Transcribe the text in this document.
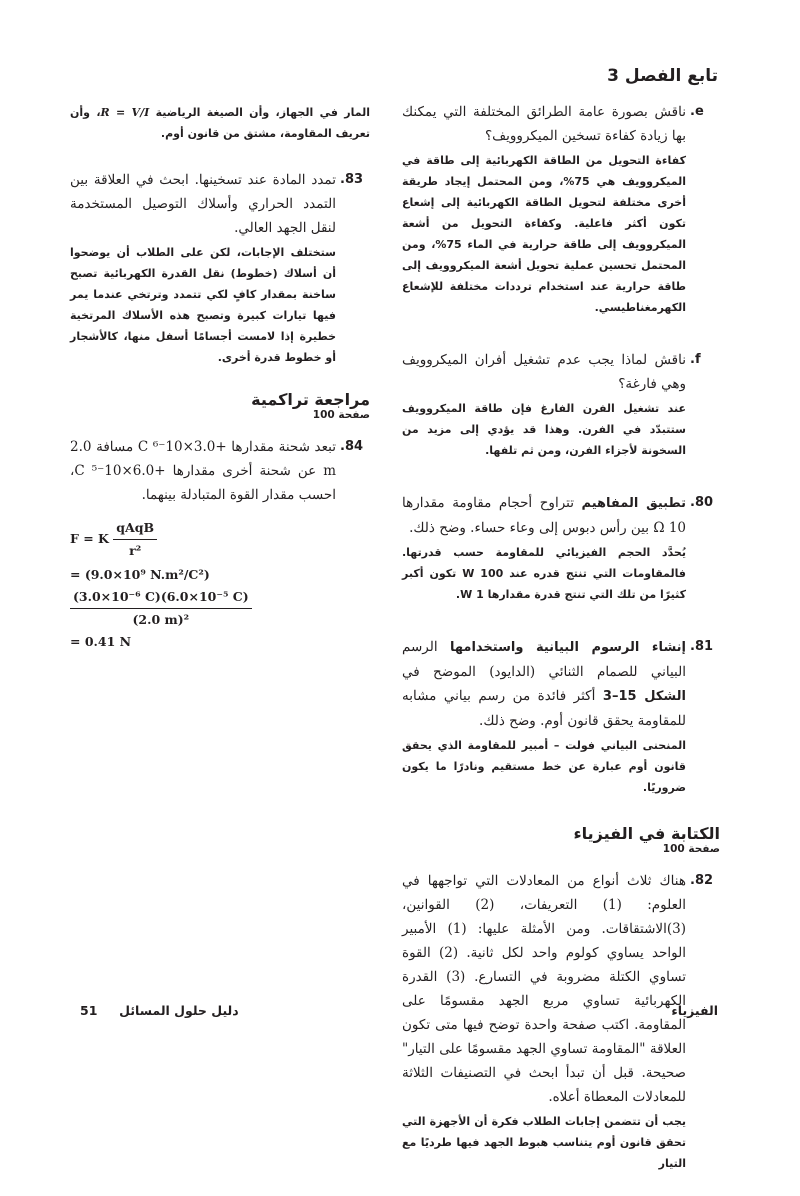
تابع الفصل 3
e.
ناقش بصورة عامة الطرائق المختلفة التي يمكنك بها زيادة كفاءة تسخين الميكروويف؟
كفاءة التحويل من الطاقة الكهربائية إلى طاقة في الميكروويف هي 75%، ومن المحتمل إيجاد طريقة أخرى مختلفة لتحويل الطاقة الكهربائية إلى إشعاع تكون أكثر فاعلية. وكفاءة التحويل من أشعة الميكروويف إلى طاقة حرارية في الماء 75%، ومن المحتمل تحسين عملية تحويل أشعة الميكروويف إلى طاقة حرارية عند استخدام ترددات مختلفة للإشعاع الكهرمغناطيسي.
f.
ناقش لماذا يجب عدم تشغيل أفران الميكروويف وهي فارغة؟
عند تشغيل الفرن الفارغ فإن طاقة الميكروويف ستتبدّد في الفرن. وهذا قد يؤدي إلى مزيد من السخونة لأجزاء الفرن، ومن ثم تلفها.
80.
تطبيق المفاهيم تتراوح أحجام مقاومة مقدارها 10 Ω بين رأس دبوس إلى وعاء حساء. وضح ذلك.
يُحدَّد الحجم الفيزيائي للمقاومة حسب قدرتها. فالمقاومات التي تنتج قدره عند 100 W تكون أكبر كثيرًا من تلك التي تنتج قدرة مقدارها 1 W.
81.
إنشاء الرسوم البيانية واستخدامها الرسم البياني للصمام الثنائي (الدايود) الموضح في الشكل 15–3 أكثر فائدة من رسم بياني مشابه للمقاومة يحقق قانون أوم. وضح ذلك.
المنحنى البياني فولت – أمبير للمقاومة الذي يحقق قانون أوم عبارة عن خط مستقيم ونادرًا ما يكون ضروريًا.
الكتابة في الفيزياء
صفحة 100
82.
هناك ثلاث أنواع من المعادلات التي تواجهها في العلوم: (1) التعريفات، (2) القوانين، (3)الاشتقاقات. ومن الأمثلة عليها: (1) الأمبير الواحد يساوي كولوم واحد لكل ثانية. (2) القوة تساوي الكتلة مضروبة في التسارع. (3) القدرة الكهربائية تساوي مربع الجهد مقسومًا على المقاومة. اكتب صفحة واحدة توضح فيها متى تكون العلاقة "المقاومة تساوي الجهد مقسومًا على التيار" صحيحة. قبل أن تبدأ ابحث في التصنيفات الثلاثة للمعادلات المعطاة أعلاه.
يجب أن تتضمن إجابات الطلاب فكرة أن الأجهزة التي تحقق قانون أوم يتناسب هبوط الجهد فيها طرديًا مع التيار
المار في الجهاز، وأن الصيغة الرياضية R = V/I، وأن تعريف المقاومة، مشتق من قانون أوم.
83.
تمدد المادة عند تسخينها. ابحث في العلاقة بين التمدد الحراري وأسلاك التوصيل المستخدمة لنقل الجهد العالي.
ستختلف الإجابات، لكن على الطلاب أن يوضحوا أن أسلاك (خطوط) نقل القدرة الكهربائية تصبح ساخنة بمقدار كافٍ لكي تتمدد وترتخي عندما يمر فيها تيارات كبيرة وتصبح هذه الأسلاك المرتخية خطيرة إذا لامست أجسامًا أسفل منها، كالأشجار أو خطوط قدرة أخرى.
مراجعة تراكمية
صفحة 100
84.
تبعد شحنة مقدارها +3.0×10⁻⁶ C مسافة 2.0 m عن شحنة أخرى مقدارها +6.0×10⁻⁵ C، احسب مقدار القوة المتبادلة بينهما.
F = K $\frac{\text{qAqB}}{\text{r²}}$
= (9.0×10⁹ N.m²/C²)
$\frac{\text{(3.0×10⁻⁶ C)(6.0×10⁻⁵ C)}}{\text{(2.0 m)²}}$
= 0.41 N
الفيزياء
دليل حلول المسائل     51
